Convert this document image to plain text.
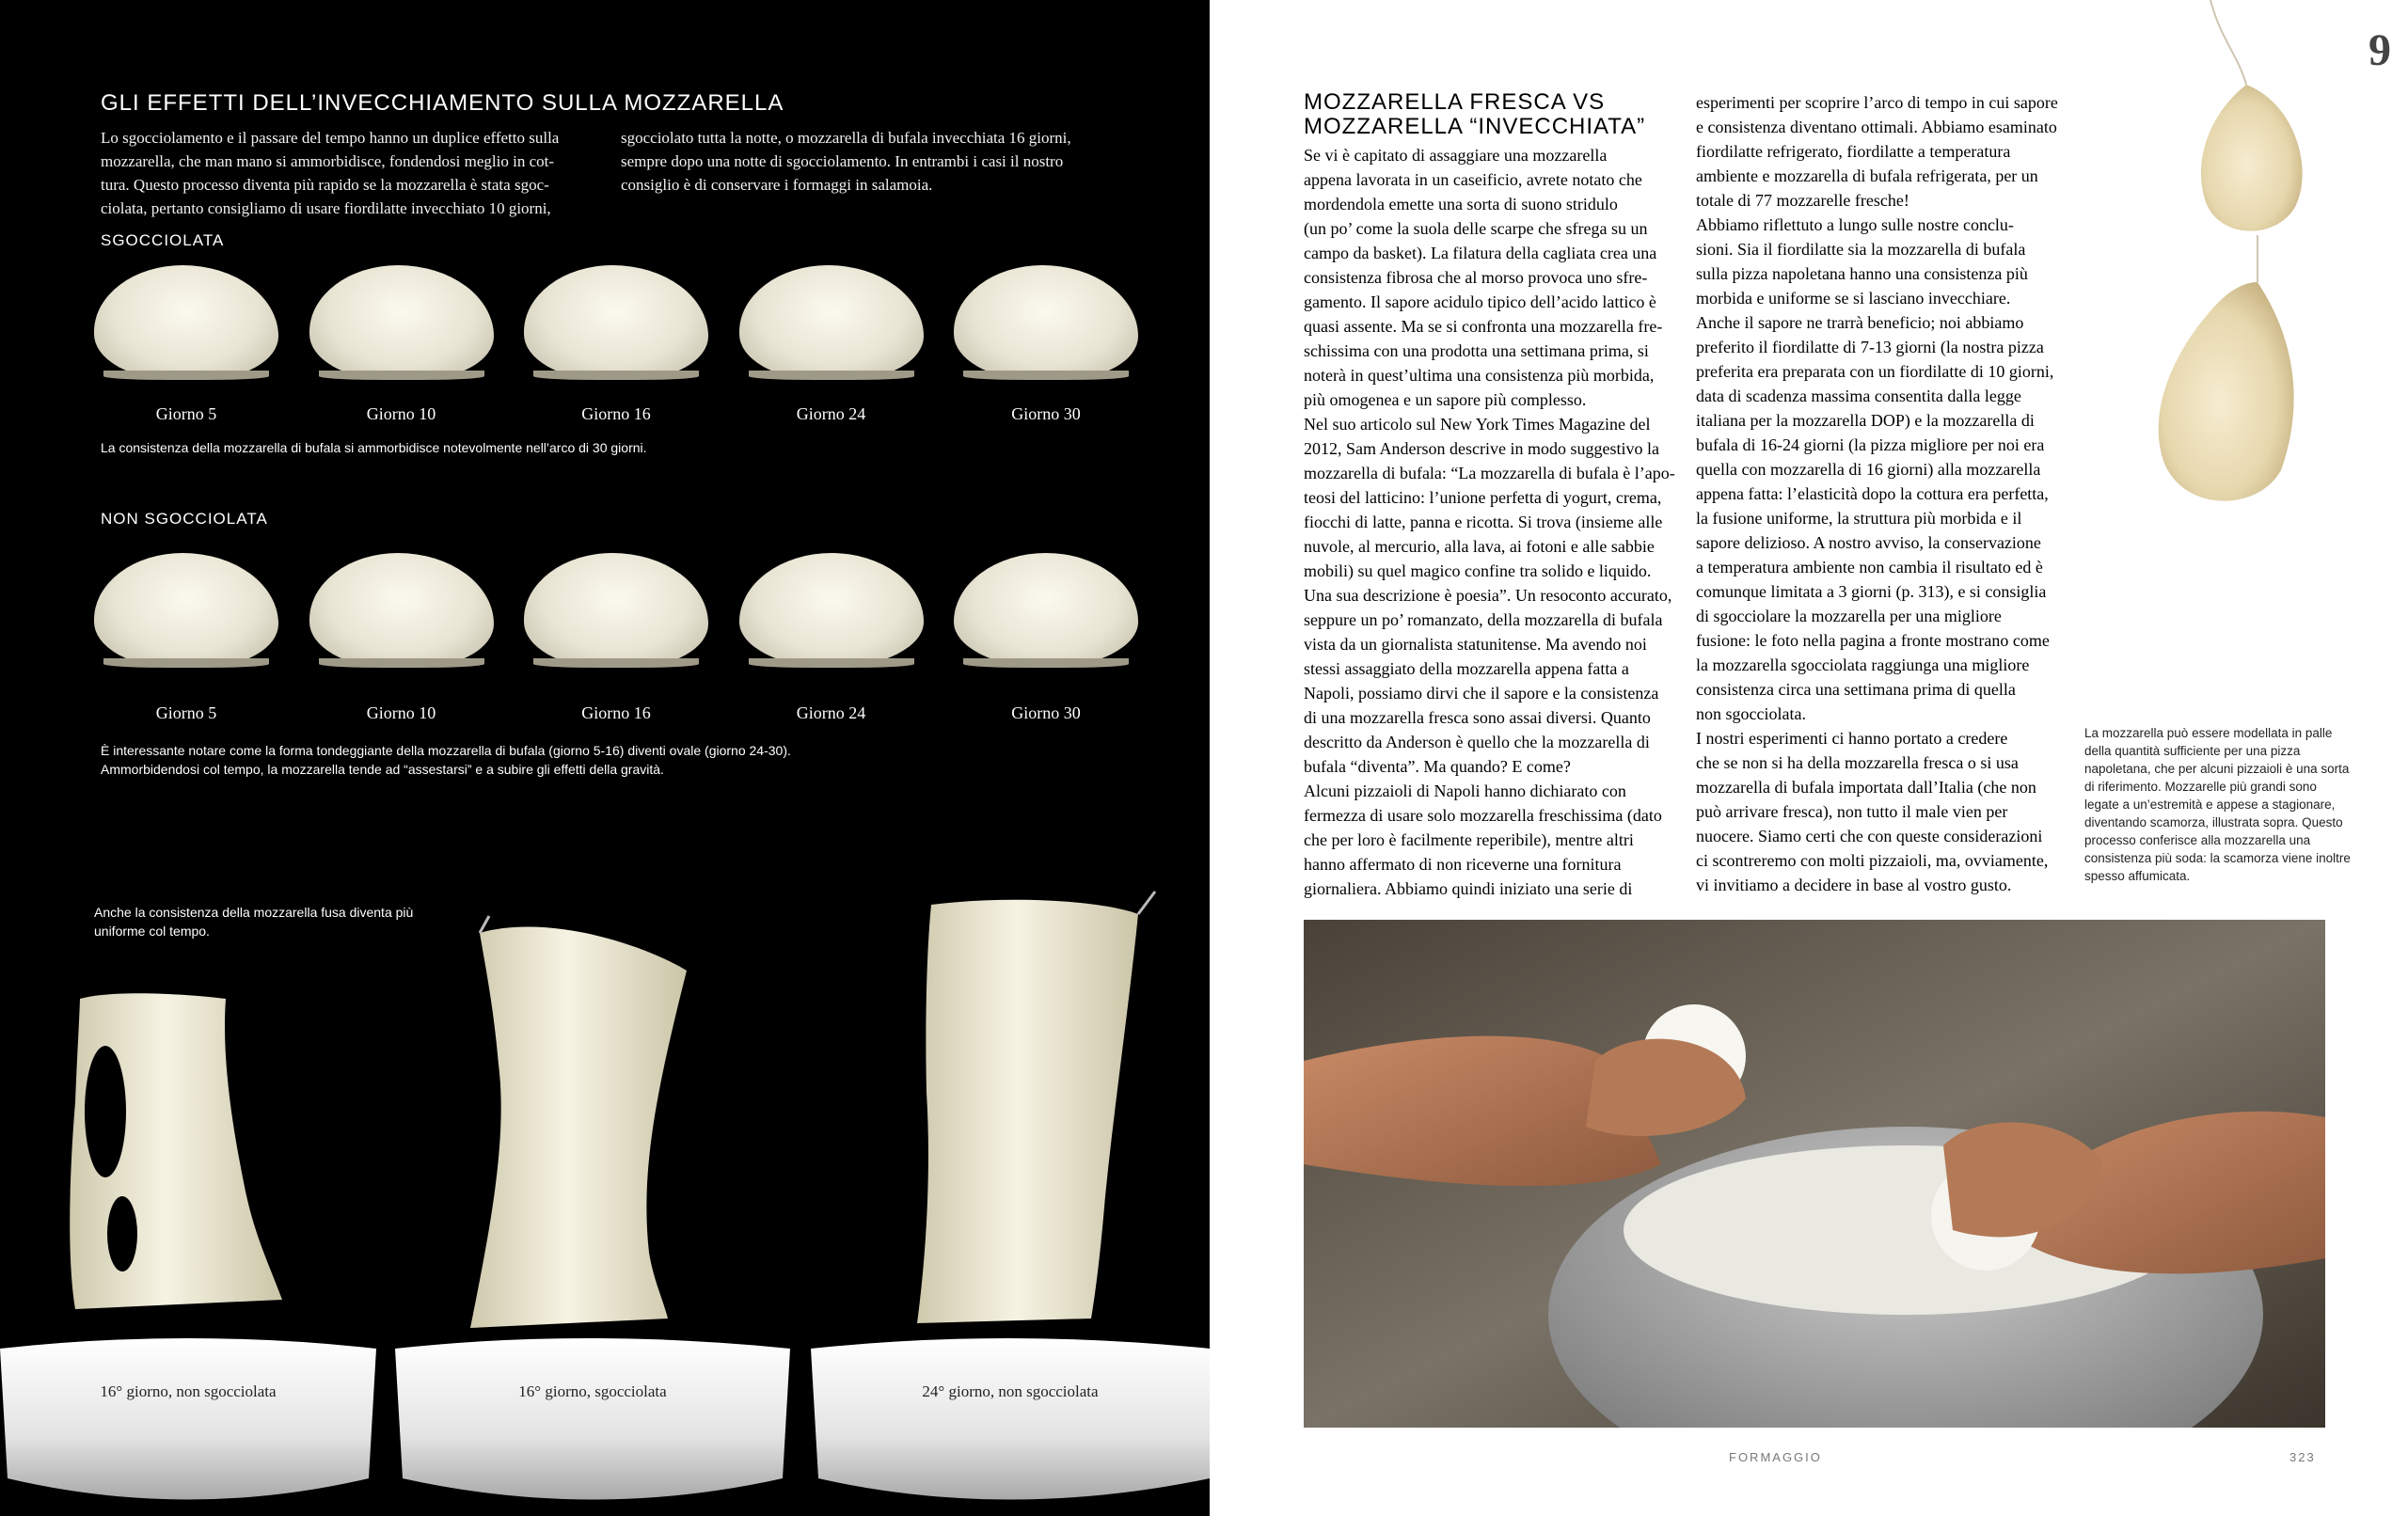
GLI EFFETTI DELL’INVECCHIAMENTO SULLA MOZZARELLA
Lo sgocciolamento e il passare del tempo hanno un duplice effetto sulla
mozzarella, che man mano si ammorbidisce, fondendosi meglio in cot-
tura. Questo processo diventa più rapido se la mozzarella è stata sgoc-
ciolata, pertanto consigliamo di usare fiordilatte invecchiato 10 giorni,
sgocciolato tutta la notte, o mozzarella di bufala invecchiata 16 giorni,
sempre dopo una notte di sgocciolamento. In entrambi i casi il nostro
consiglio è di conservare i formaggi in salamoia.
SGOCCIOLATA
Giorno 5	Giorno 10	Giorno 16	Giorno 24	Giorno 30
La consistenza della mozzarella di bufala si ammorbidisce notevolmente nell’arco di 30 giorni.
NON SGOCCIOLATA
Giorno 5	Giorno 10	Giorno 16	Giorno 24	Giorno 30
È interessante notare come la forma tondeggiante della mozzarella di bufala (giorno 5-16) diventi ovale (giorno 24-30).
Ammorbidendosi col tempo, la mozzarella tende ad “assestarsi” e a subire gli effetti della gravità.
Anche la consistenza della mozzarella fusa diventa più
uniforme col tempo.
16° giorno, non sgocciolata	16° giorno, sgocciolata	24° giorno, non sgocciolata
MOZZARELLA FRESCA VS
MOZZARELLA “INVECCHIATA”
Se vi è capitato di assaggiare una mozzarella
appena lavorata in un caseificio, avrete notato che
mordendola emette una sorta di suono stridulo
(un po’ come la suola delle scarpe che sfrega su un
campo da basket). La filatura della cagliata crea una
consistenza fibrosa che al morso provoca uno sfre-
gamento. Il sapore acidulo tipico dell’acido lattico è
quasi assente. Ma se si confronta una mozzarella fre-
schissima con una prodotta una settimana prima, si
noterà in quest’ultima una consistenza più morbida,
più omogenea e un sapore più complesso.
Nel suo articolo sul New York Times Magazine del
2012, Sam Anderson descrive in modo suggestivo la
mozzarella di bufala: “La mozzarella di bufala è l’apo-
teosi del latticino: l’unione perfetta di yogurt, crema,
fiocchi di latte, panna e ricotta. Si trova (insieme alle
nuvole, al mercurio, alla lava, ai fotoni e alle sabbie
mobili) su quel magico confine tra solido e liquido.
Una sua descrizione è poesia”. Un resoconto accurato,
seppure un po’ romanzato, della mozzarella di bufala
vista da un giornalista statunitense. Ma avendo noi
stessi assaggiato della mozzarella appena fatta a
Napoli, possiamo dirvi che il sapore e la consistenza
di una mozzarella fresca sono assai diversi. Quanto
descritto da Anderson è quello che la mozzarella di
bufala “diventa”. Ma quando? E come?
Alcuni pizzaioli di Napoli hanno dichiarato con
fermezza di usare solo mozzarella freschissima (dato
che per loro è facilmente reperibile), mentre altri
hanno affermato di non riceverne una fornitura
giornaliera. Abbiamo quindi iniziato una serie di
esperimenti per scoprire l’arco di tempo in cui sapore
e consistenza diventano ottimali. Abbiamo esaminato
fiordilatte refrigerato, fiordilatte a temperatura
ambiente e mozzarella di bufala refrigerata, per un
totale di 77 mozzarelle fresche!
Abbiamo riflettuto a lungo sulle nostre conclu-
sioni. Sia il fiordilatte sia la mozzarella di bufala
sulla pizza napoletana hanno una consistenza più
morbida e uniforme se si lasciano invecchiare.
Anche il sapore ne trarrà beneficio; noi abbiamo
preferito il fiordilatte di 7-13 giorni (la nostra pizza
preferita era preparata con un fiordilatte di 10 giorni,
data di scadenza massima consentita dalla legge
italiana per la mozzarella DOP) e la mozzarella di
bufala di 16-24 giorni (la pizza migliore per noi era
quella con mozzarella di 16 giorni) alla mozzarella
appena fatta: l’elasticità dopo la cottura era perfetta,
la fusione uniforme, la struttura più morbida e il
sapore delizioso. A nostro avviso, la conservazione
a temperatura ambiente non cambia il risultato ed è
comunque limitata a 3 giorni (p. 313), e si consiglia
di sgocciolare la mozzarella per una migliore
fusione: le foto nella pagina a fronte mostrano come
la mozzarella sgocciolata raggiunga una migliore
consistenza circa una settimana prima di quella
non sgocciolata.
I nostri esperimenti ci hanno portato a credere
che se non si ha della mozzarella fresca o si usa
mozzarella di bufala importata dall’Italia (che non
può arrivare fresca), non tutto il male vien per
nuocere. Siamo certi che con queste considerazioni
ci scontreremo con molti pizzaioli, ma, ovviamente,
vi invitiamo a decidere in base al vostro gusto.
9
La mozzarella può essere modellata in palle
della quantità sufficiente per una pizza
napoletana, che per alcuni pizzaioli è una sorta
di riferimento. Mozzarelle più grandi sono
legate a un’estremità e appese a stagionare,
diventando scamorza, illustrata sopra. Questo
processo conferisce alla mozzarella una
consistenza più soda: la scamorza viene inoltre
spesso affumicata.
FORMAGGIO	323
